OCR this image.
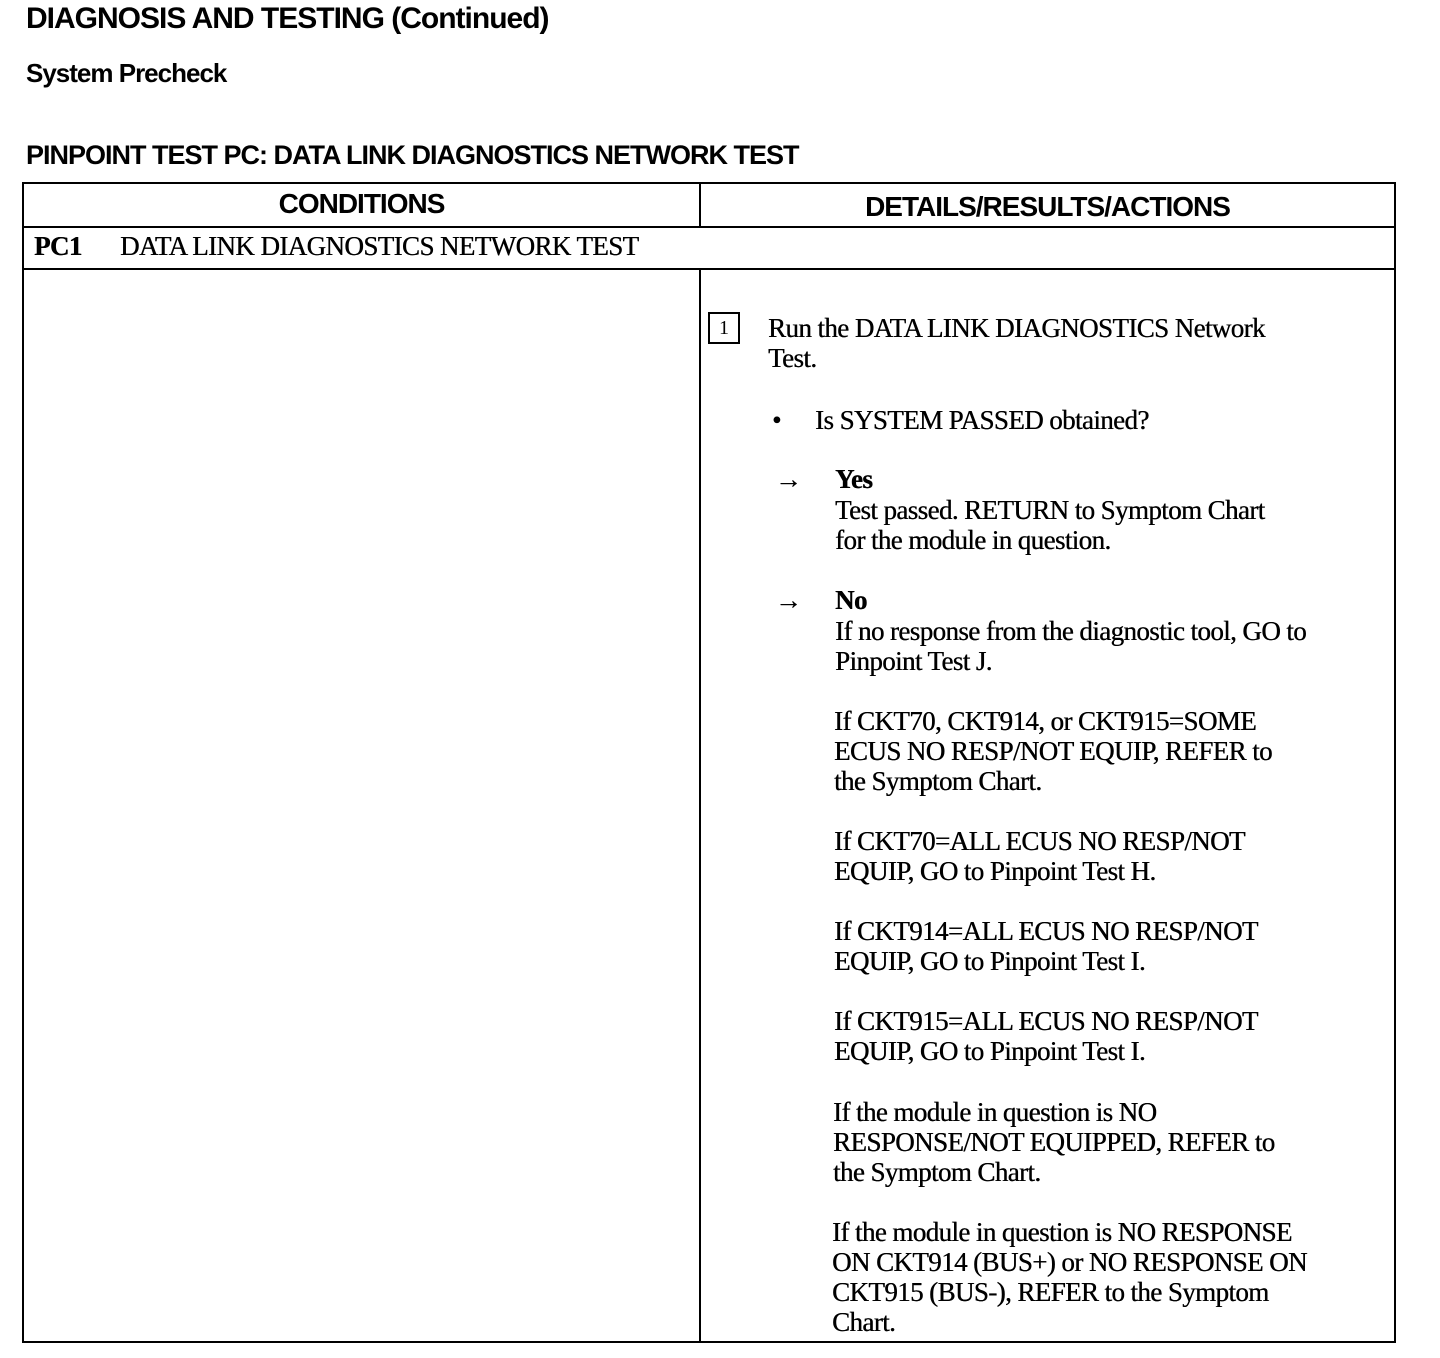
DIAGNOSIS AND TESTING (Continued)
System Precheck
PINPOINT TEST PC: DATA LINK DIAGNOSTICS NETWORK TEST
CONDITIONS	DETAILS/RESULTS/ACTIONS
PC1 DATA LINK DIAGNOSTICS NETWORK TEST
1	Run the DATA LINK DIAGNOSTICS Network
Test.
• Is SYSTEM PASSED obtained?
→ Yes
Test passed. RETURN to Symptom Chart
for the module in question.
→ No
If no response from the diagnostic tool, GO to
Pinpoint Test J.
If CKT70, CKT914, or CKT915=SOME
ECUS NO RESP/NOT EQUIP, REFER to
the Symptom Chart.
If CKT70=ALL ECUS NO RESP/NOT
EQUIP, GO to Pinpoint Test H.
If CKT914=ALL ECUS NO RESP/NOT
EQUIP, GO to Pinpoint Test I.
If CKT915=ALL ECUS NO RESP/NOT
EQUIP, GO to Pinpoint Test I.
If the module in question is NO
RESPONSE/NOT EQUIPPED, REFER to
the Symptom Chart.
If the module in question is NO RESPONSE
ON CKT914 (BUS+) or NO RESPONSE ON
CKT915 (BUS-), REFER to the Symptom
Chart.
